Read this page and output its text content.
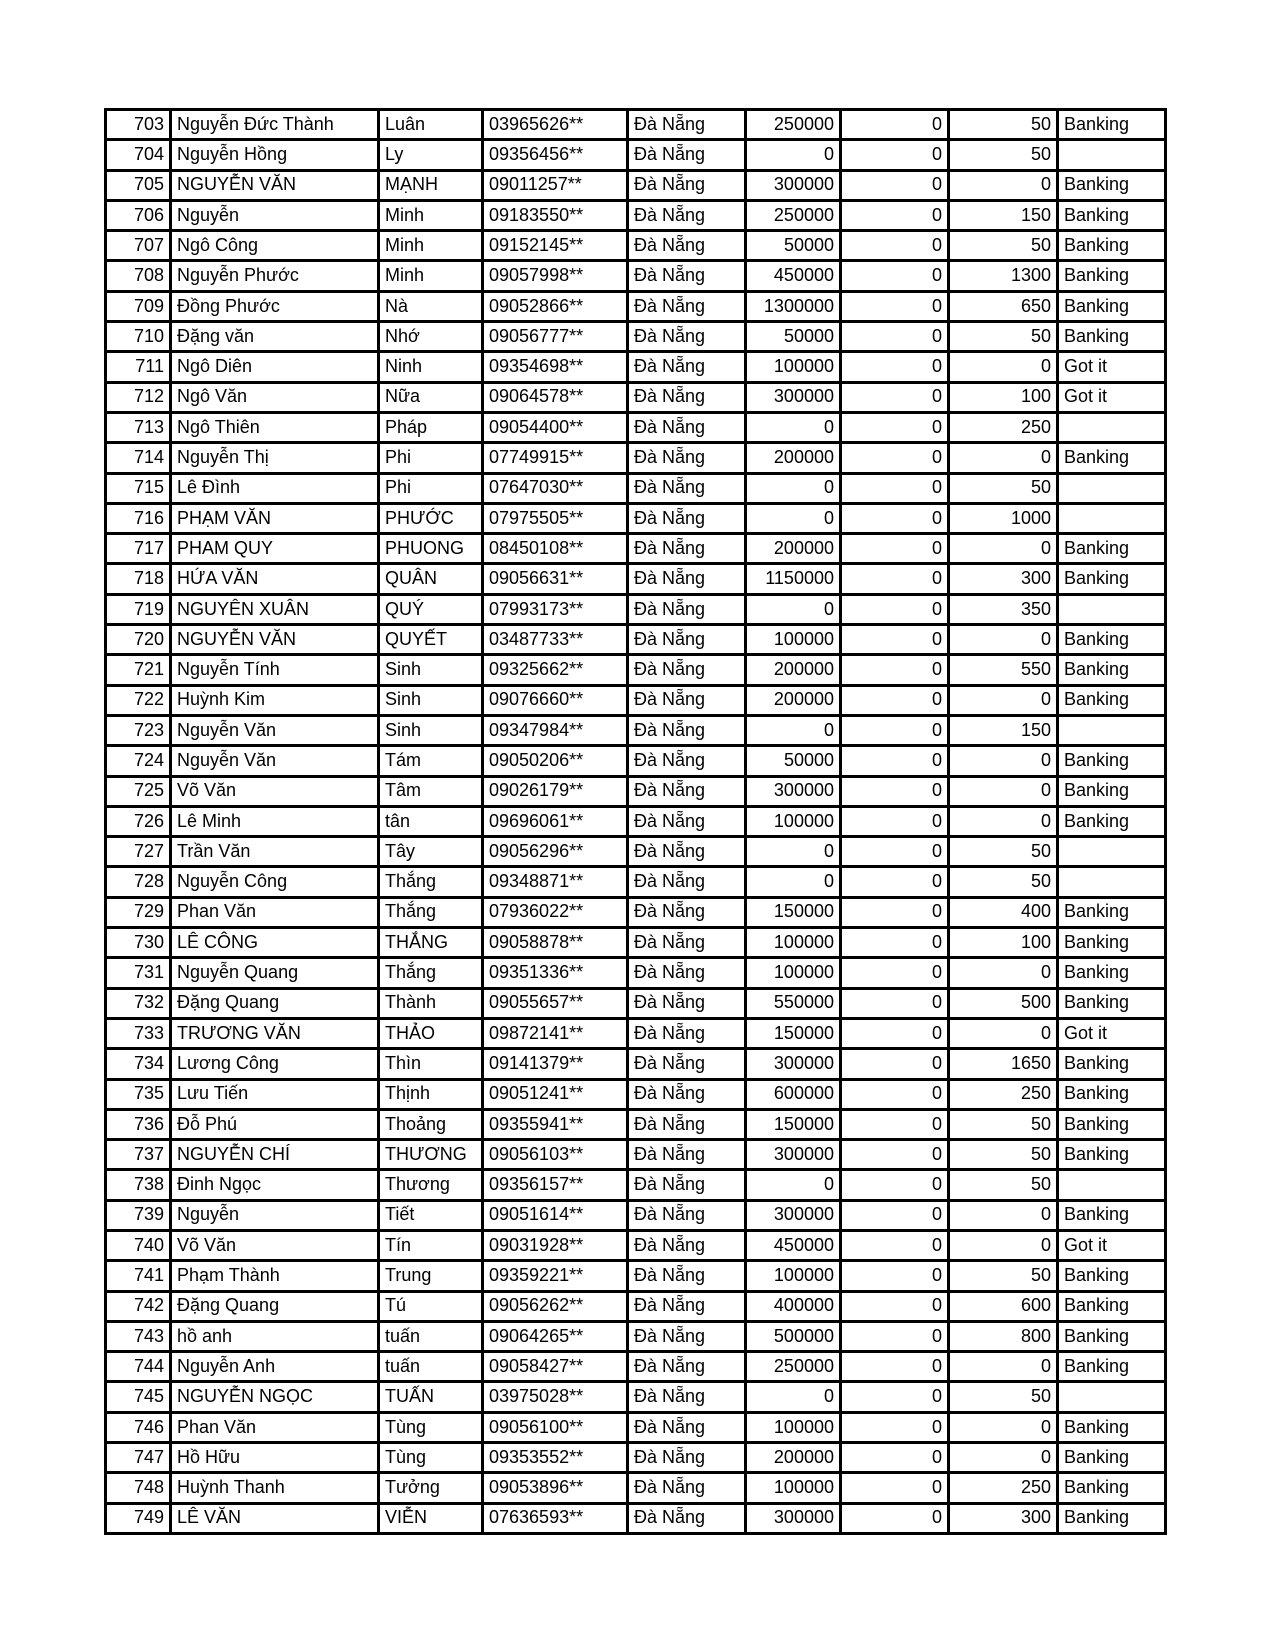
703	Nguyễn Đức Thành	Luân	03965626**	Đà Nẵng	250000	0	50	Banking
704	Nguyễn Hồng	Ly	09356456**	Đà Nẵng	0	0	50	
705	NGUYỄN VĂN	MẠNH	09011257**	Đà Nẵng	300000	0	0	Banking
706	Nguyễn	Minh	09183550**	Đà Nẵng	250000	0	150	Banking
707	Ngô Công	Minh	09152145**	Đà Nẵng	50000	0	50	Banking
708	Nguyễn Phước	Minh	09057998**	Đà Nẵng	450000	0	1300	Banking
709	Đồng Phước	Nà	09052866**	Đà Nẵng	1300000	0	650	Banking
710	Đặng văn	Nhớ	09056777**	Đà Nẵng	50000	0	50	Banking
711	Ngô Diên	Ninh	09354698**	Đà Nẵng	100000	0	0	Got it
712	Ngô Văn	Nữa	09064578**	Đà Nẵng	300000	0	100	Got it
713	Ngô Thiên	Pháp	09054400**	Đà Nẵng	0	0	250	
714	Nguyễn Thị	Phi	07749915**	Đà Nẵng	200000	0	0	Banking
715	Lê Đình	Phi	07647030**	Đà Nẵng	0	0	50	
716	PHẠM VĂN	PHƯỚC	07975505**	Đà Nẵng	0	0	1000	
717	PHAM QUY	PHUONG	08450108**	Đà Nẵng	200000	0	0	Banking
718	HỨA VĂN	QUÂN	09056631**	Đà Nẵng	1150000	0	300	Banking
719	NGUYÊN XUÂN	QUÝ	07993173**	Đà Nẵng	0	0	350	
720	NGUYỄN VĂN	QUYẾT	03487733**	Đà Nẵng	100000	0	0	Banking
721	Nguyễn Tính	Sinh	09325662**	Đà Nẵng	200000	0	550	Banking
722	Huỳnh Kim	Sinh	09076660**	Đà Nẵng	200000	0	0	Banking
723	Nguyễn Văn	Sinh	09347984**	Đà Nẵng	0	0	150	
724	Nguyễn Văn	Tám	09050206**	Đà Nẵng	50000	0	0	Banking
725	Võ Văn	Tâm	09026179**	Đà Nẵng	300000	0	0	Banking
726	Lê Minh	tân	09696061**	Đà Nẵng	100000	0	0	Banking
727	Trần Văn	Tây	09056296**	Đà Nẵng	0	0	50	
728	Nguyễn Công	Thắng	09348871**	Đà Nẵng	0	0	50	
729	Phan Văn	Thắng	07936022**	Đà Nẵng	150000	0	400	Banking
730	LÊ CÔNG	THẮNG	09058878**	Đà Nẵng	100000	0	100	Banking
731	Nguyễn Quang	Thắng	09351336**	Đà Nẵng	100000	0	0	Banking
732	Đặng Quang	Thành	09055657**	Đà Nẵng	550000	0	500	Banking
733	TRƯƠNG VĂN	THẢO	09872141**	Đà Nẵng	150000	0	0	Got it
734	Lương Công	Thìn	09141379**	Đà Nẵng	300000	0	1650	Banking
735	Lưu Tiến	Thịnh	09051241**	Đà Nẵng	600000	0	250	Banking
736	Đỗ Phú	Thoảng	09355941**	Đà Nẵng	150000	0	50	Banking
737	NGUYỄN CHÍ	THƯƠNG	09056103**	Đà Nẵng	300000	0	50	Banking
738	Đinh Ngọc	Thương	09356157**	Đà Nẵng	0	0	50	
739	Nguyễn	Tiết	09051614**	Đà Nẵng	300000	0	0	Banking
740	Võ Văn	Tín	09031928**	Đà Nẵng	450000	0	0	Got it
741	Phạm Thành	Trung	09359221**	Đà Nẵng	100000	0	50	Banking
742	Đặng Quang	Tú	09056262**	Đà Nẵng	400000	0	600	Banking
743	hồ anh	tuấn	09064265**	Đà Nẵng	500000	0	800	Banking
744	Nguyễn Anh	tuấn	09058427**	Đà Nẵng	250000	0	0	Banking
745	NGUYỄN NGỌC	TUẤN	03975028**	Đà Nẵng	0	0	50	
746	Phan Văn	Tùng	09056100**	Đà Nẵng	100000	0	0	Banking
747	Hồ Hữu	Tùng	09353552**	Đà Nẵng	200000	0	0	Banking
748	Huỳnh Thanh	Tưởng	09053896**	Đà Nẵng	100000	0	250	Banking
749	LÊ VĂN	VIỄN	07636593**	Đà Nẵng	300000	0	300	Banking
